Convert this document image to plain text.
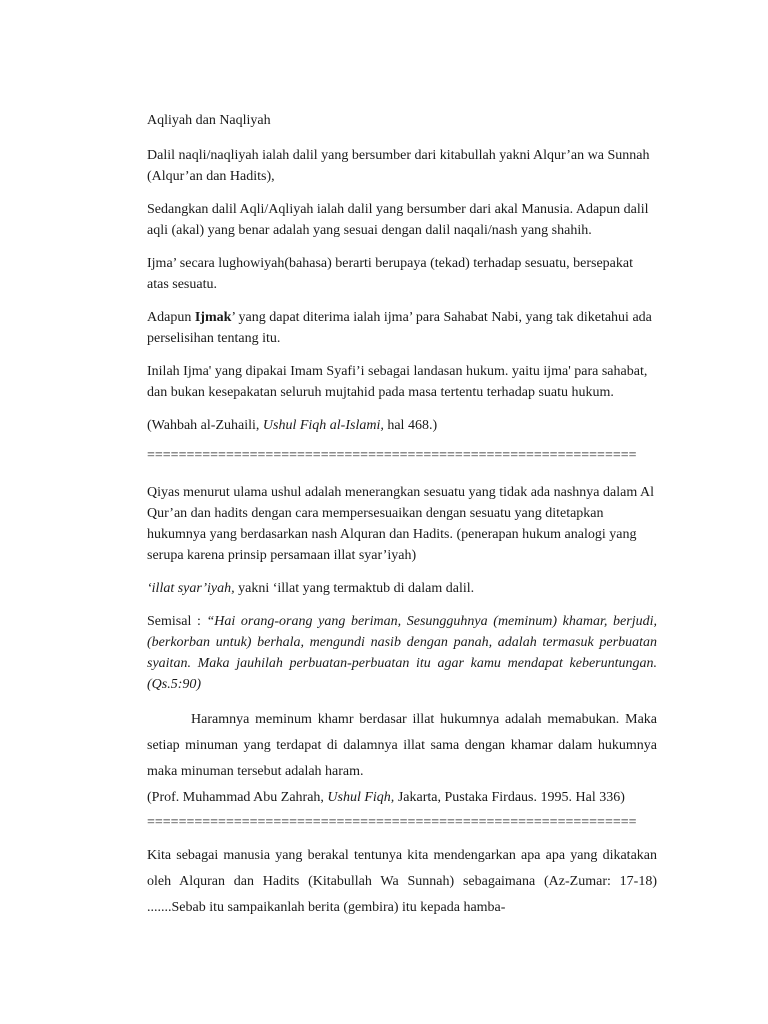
Aqliyah dan Naqliyah

Dalil naqli/naqliyah ialah dalil yang bersumber dari kitabullah yakni Alqur’an wa Sunnah (Alqur’an dan Hadits),

Sedangkan dalil Aqli/Aqliyah ialah dalil yang bersumber dari akal Manusia. Adapun dalil aqli (akal) yang benar adalah yang sesuai dengan dalil naqali/nash yang shahih.

Ijma’ secara lughowiyah(bahasa) berarti berupaya (tekad) terhadap sesuatu, bersepakat atas sesuatu.

Adapun Ijmak’ yang dapat diterima ialah ijma’ para Sahabat Nabi, yang tak diketahui ada perselisihan tentang itu.

Inilah Ijma' yang dipakai Imam Syafi’i sebagai landasan hukum. yaitu ijma' para sahabat, dan bukan kesepakatan seluruh mujtahid pada masa tertentu terhadap suatu hukum.

(Wahbah al-Zuhaili, Ushul Fiqh al-Islami, hal 468.)

==============================================================

Qiyas menurut ulama ushul adalah menerangkan sesuatu yang tidak ada nashnya dalam Al Qur’an dan hadits dengan cara mempersesuaikan dengan sesuatu yang ditetapkan hukumnya yang berdasarkan nash Alquran dan Hadits. (penerapan hukum analogi yang serupa karena prinsip persamaan illat syar’iyah)

‘illat syar’iyah, yakni ‘illat yang termaktub di dalam dalil.

Semisal : “Hai orang-orang yang beriman, Sesungguhnya (meminum) khamar, berjudi, (berkorban untuk) berhala, mengundi nasib dengan panah, adalah termasuk perbuatan syaitan. Maka jauhilah perbuatan-perbuatan itu agar kamu mendapat keberuntungan. (Qs.5:90)

Haramnya meminum khamr berdasar illat hukumnya adalah memabukan. Maka setiap minuman yang terdapat di dalamnya illat sama dengan khamar dalam hukumnya maka minuman tersebut adalah haram.

(Prof. Muhammad Abu Zahrah, Ushul Fiqh, Jakarta, Pustaka Firdaus. 1995. Hal 336)

==============================================================

Kita sebagai manusia yang berakal tentunya kita mendengarkan apa apa yang dikatakan oleh Alquran dan Hadits (Kitabullah Wa Sunnah) sebagaimana (Az-Zumar: 17-18) .......Sebab itu sampaikanlah berita (gembira) itu kepada hamba-
